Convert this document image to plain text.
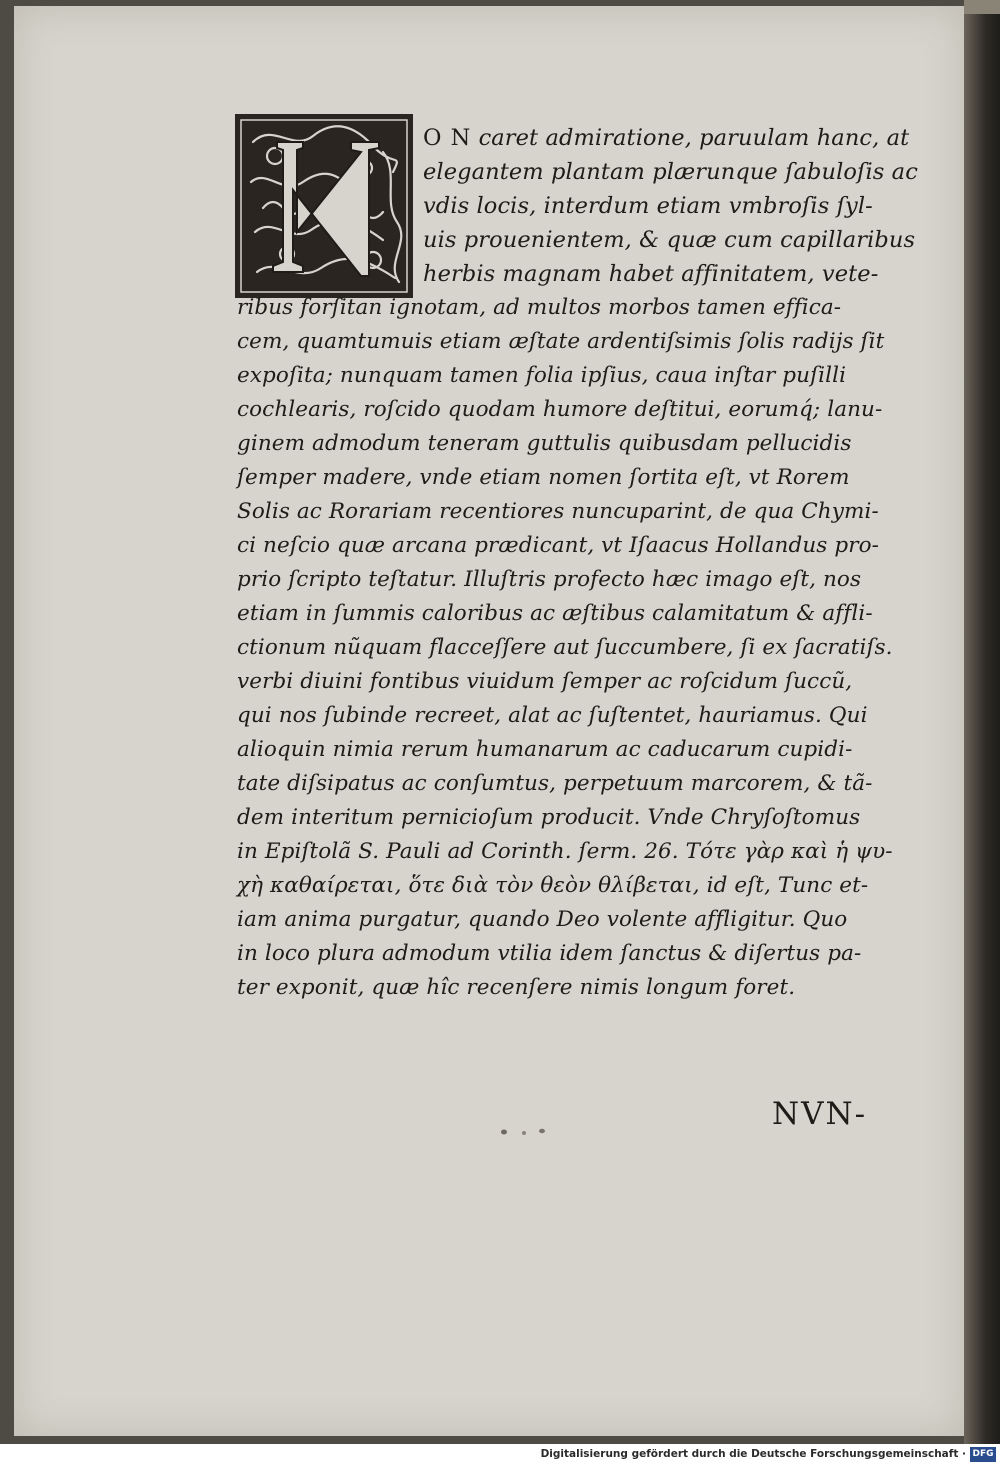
O N caret admiratione, paruulam hanc, at
elegantem plantam plærunque ſabuloſis ac
vdis locis, interdum etiam vmbroſis ſyl-
uis prouenientem, & quæ cum capillaribus
herbis magnam habet affinitatem, vete-
ribus forſitan ignotam, ad multos morbos tamen effica-
cem, quamtumuis etiam æſtate ardentiſsimis ſolis radijs ſit
expoſita; nunquam tamen folia ipſius, caua inſtar puſilli
cochlearis, roſcido quodam humore deſtitui, eorumq́; lanu-
ginem admodum teneram guttulis quibusdam pellucidis
ſemper madere, vnde etiam nomen ſortita eſt, vt Rorem
Solis ac Rorariam recentiores nuncuparint, de qua Chymi-
ci neſcio quæ arcana prædicant, vt Iſaacus Hollandus pro-
prio ſcripto teſtatur. Illuſtris profecto hæc imago eſt, nos
etiam in ſummis caloribus ac æſtibus calamitatum & affli-
ctionum nũquam flacceſſere aut ſuccumbere, ſi ex ſacratiſs.
verbi diuini fontibus viuidum ſemper ac roſcidum ſuccũ,
qui nos ſubinde recreet, alat ac ſuſtentet, hauriamus. Qui
alioquin nimia rerum humanarum ac caducarum cupidi-
tate diſsipatus ac conſumtus, perpetuum marcorem, & tã-
dem interitum pernicioſum producit. Vnde Chryſoſtomus
in Epiſtolã S. Pauli ad Corinth. ſerm. 26. Τότε γὰρ καὶ ἡ ψυ-
χὴ καθαίρεται, ὅτε διὰ τὸν θεὸν θλίβεται, id eſt, Tunc et-
iam anima purgatur, quando Deo volente affligitur. Quo
in loco plura admodum vtilia idem ſanctus & diſertus pa-
ter exponit, quæ hîc recenſere nimis longum foret.
NVN-
Digitalisierung gefördert durch die Deutsche Forschungsgemeinschaft · DFG
